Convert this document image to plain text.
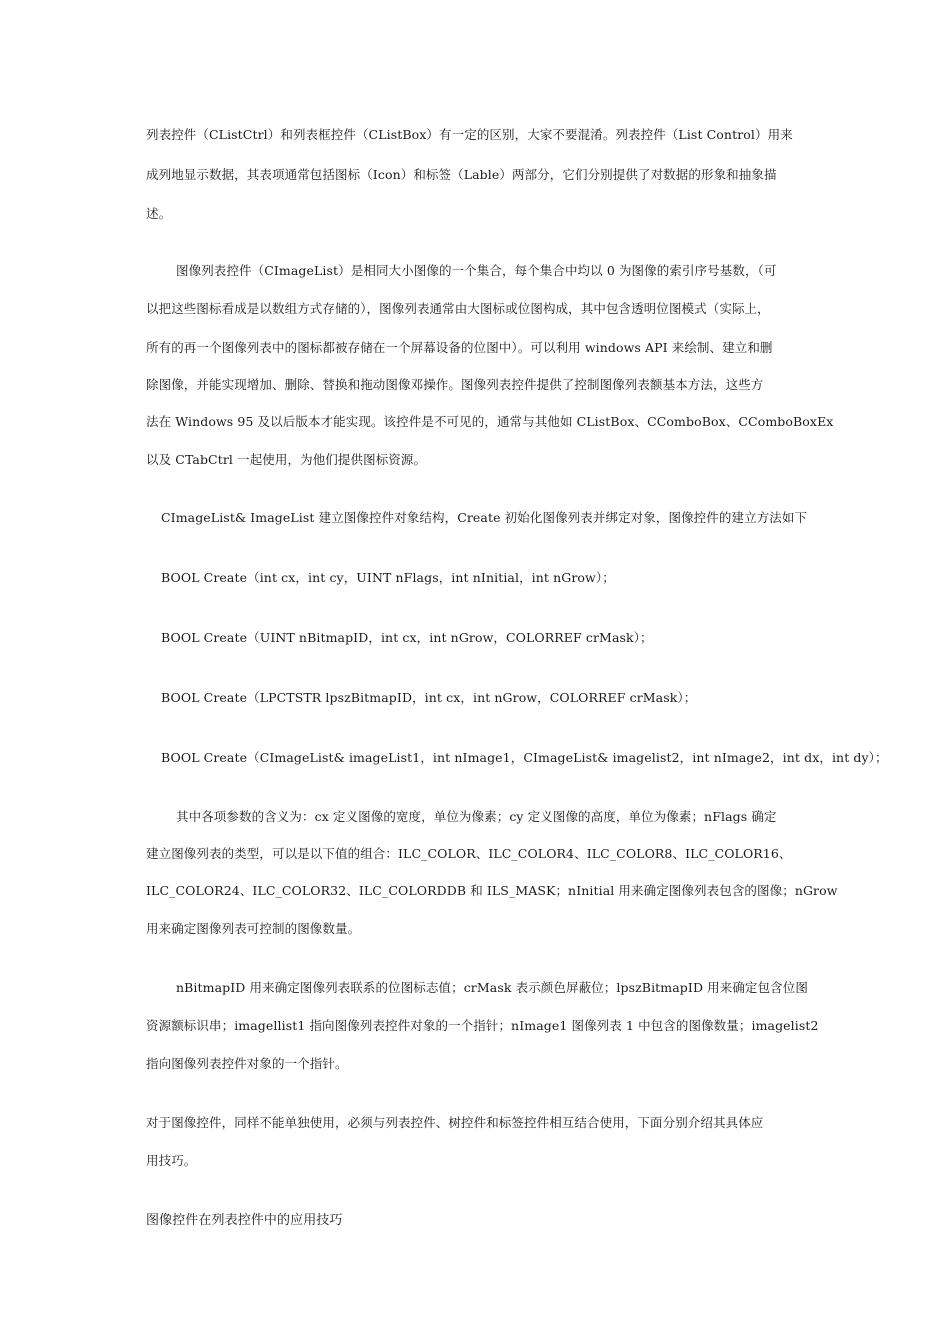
列表控件（CListCtrl）和列表框控件（CListBox）有一定的区别，大家不要混淆。列表控件（List Control）用来
成列地显示数据，其表项通常包括图标（Icon）和标签（Lable）两部分，它们分别提供了对数据的形象和抽象描
述。
图像列表控件（CImageList）是相同大小图像的一个集合，每个集合中均以 0 为图像的索引序号基数，（可
以把这些图标看成是以数组方式存储的），图像列表通常由大图标或位图构成，其中包含透明位图模式（实际上，
所有的再一个图像列表中的图标都被存储在一个屏幕设备的位图中）。可以利用 windows API 来绘制、建立和删
除图像，并能实现增加、删除、替换和拖动图像邓操作。图像列表控件提供了控制图像列表额基本方法，这些方
法在 Windows 95 及以后版本才能实现。该控件是不可见的，通常与其他如 CListBox、CComboBox、CComboBoxEx
以及 CTabCtrl 一起使用，为他们提供图标资源。
CImageList& ImageList 建立图像控件对象结构，Create 初始化图像列表并绑定对象，图像控件的建立方法如下
BOOL Create（int cx，int cy，UINT nFlags，int nInitial，int nGrow）；
BOOL Create（UINT nBitmapID，int cx，int nGrow，COLORREF crMask）；
BOOL Create（LPCTSTR lpszBitmapID，int cx，int nGrow，COLORREF crMask）；
BOOL Create（CImageList& imageList1，int nImage1，CImageList& imagelist2，int nImage2，int dx，int dy）；
其中各项参数的含义为：cx 定义图像的宽度，单位为像素；cy 定义图像的高度，单位为像素；nFlags 确定
建立图像列表的类型，可以是以下值的组合：ILC_COLOR、ILC_COLOR4、ILC_COLOR8、ILC_COLOR16、
ILC_COLOR24、ILC_COLOR32、ILC_COLORDDB 和 ILS_MASK；nInitial 用来确定图像列表包含的图像；nGrow
用来确定图像列表可控制的图像数量。
nBitmapID 用来确定图像列表联系的位图标志值；crMask 表示颜色屏蔽位；lpszBitmapID 用来确定包含位图
资源额标识串；imagellist1 指向图像列表控件对象的一个指针；nImage1 图像列表 1 中包含的图像数量；imagelist2
指向图像列表控件对象的一个指针。
对于图像控件，同样不能单独使用，必须与列表控件、树控件和标签控件相互结合使用，下面分别介绍其具体应
用技巧。
图像控件在列表控件中的应用技巧
